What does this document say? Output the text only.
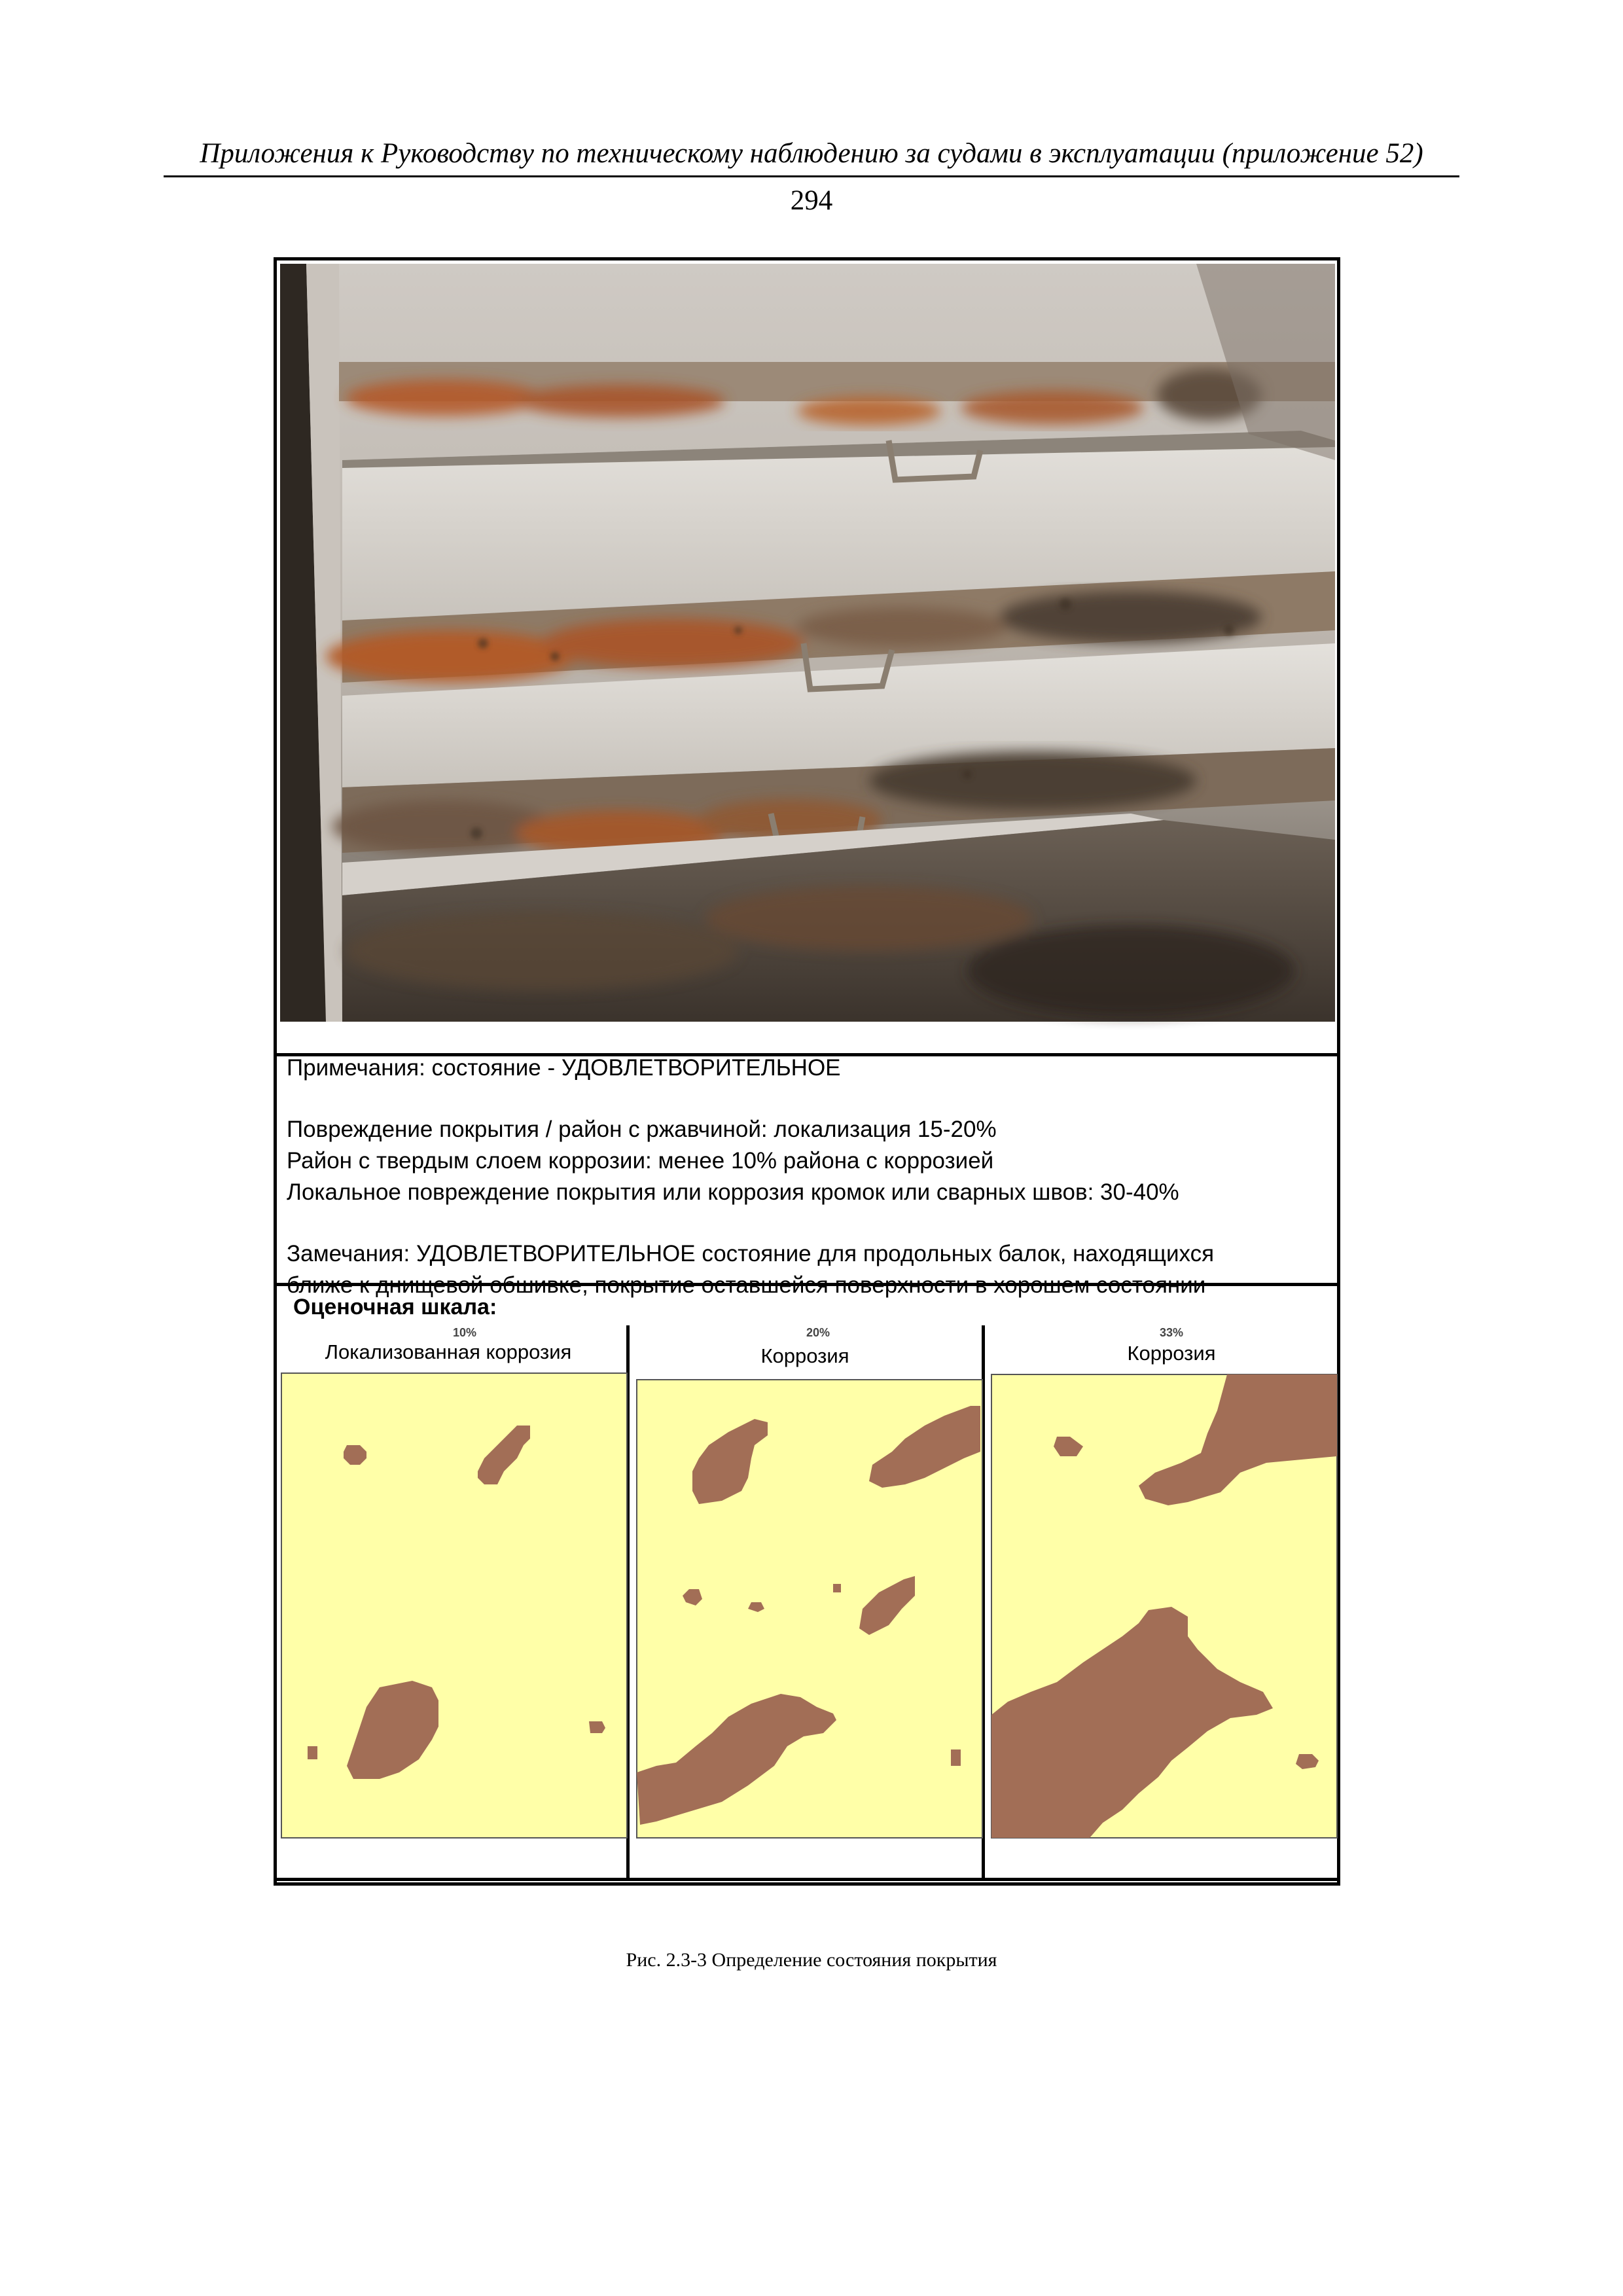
Приложения к Руководству по техническому наблюдению за судами в эксплуатации (приложение 52)
294
Примечания: состояние - УДОВЛЕТВОРИТЕЛЬНОЕ
Повреждение покрытия / район с ржавчиной: локализация 15-20%
Район с твердым слоем коррозии: менее 10% района с коррозией
Локальное повреждение покрытия или коррозия кромок или сварных швов: 30-40%
Замечания: УДОВЛЕТВОРИТЕЛЬНОЕ состояние для продольных балок, находящихся
ближе к днищевой обшивке, покрытие оставшейся поверхности в хорошем состоянии
Оценочная шкала:
10%
Локализованная коррозия
20%
Коррозия
33%
Коррозия
Рис. 2.3-3 Определение состояния покрытия
